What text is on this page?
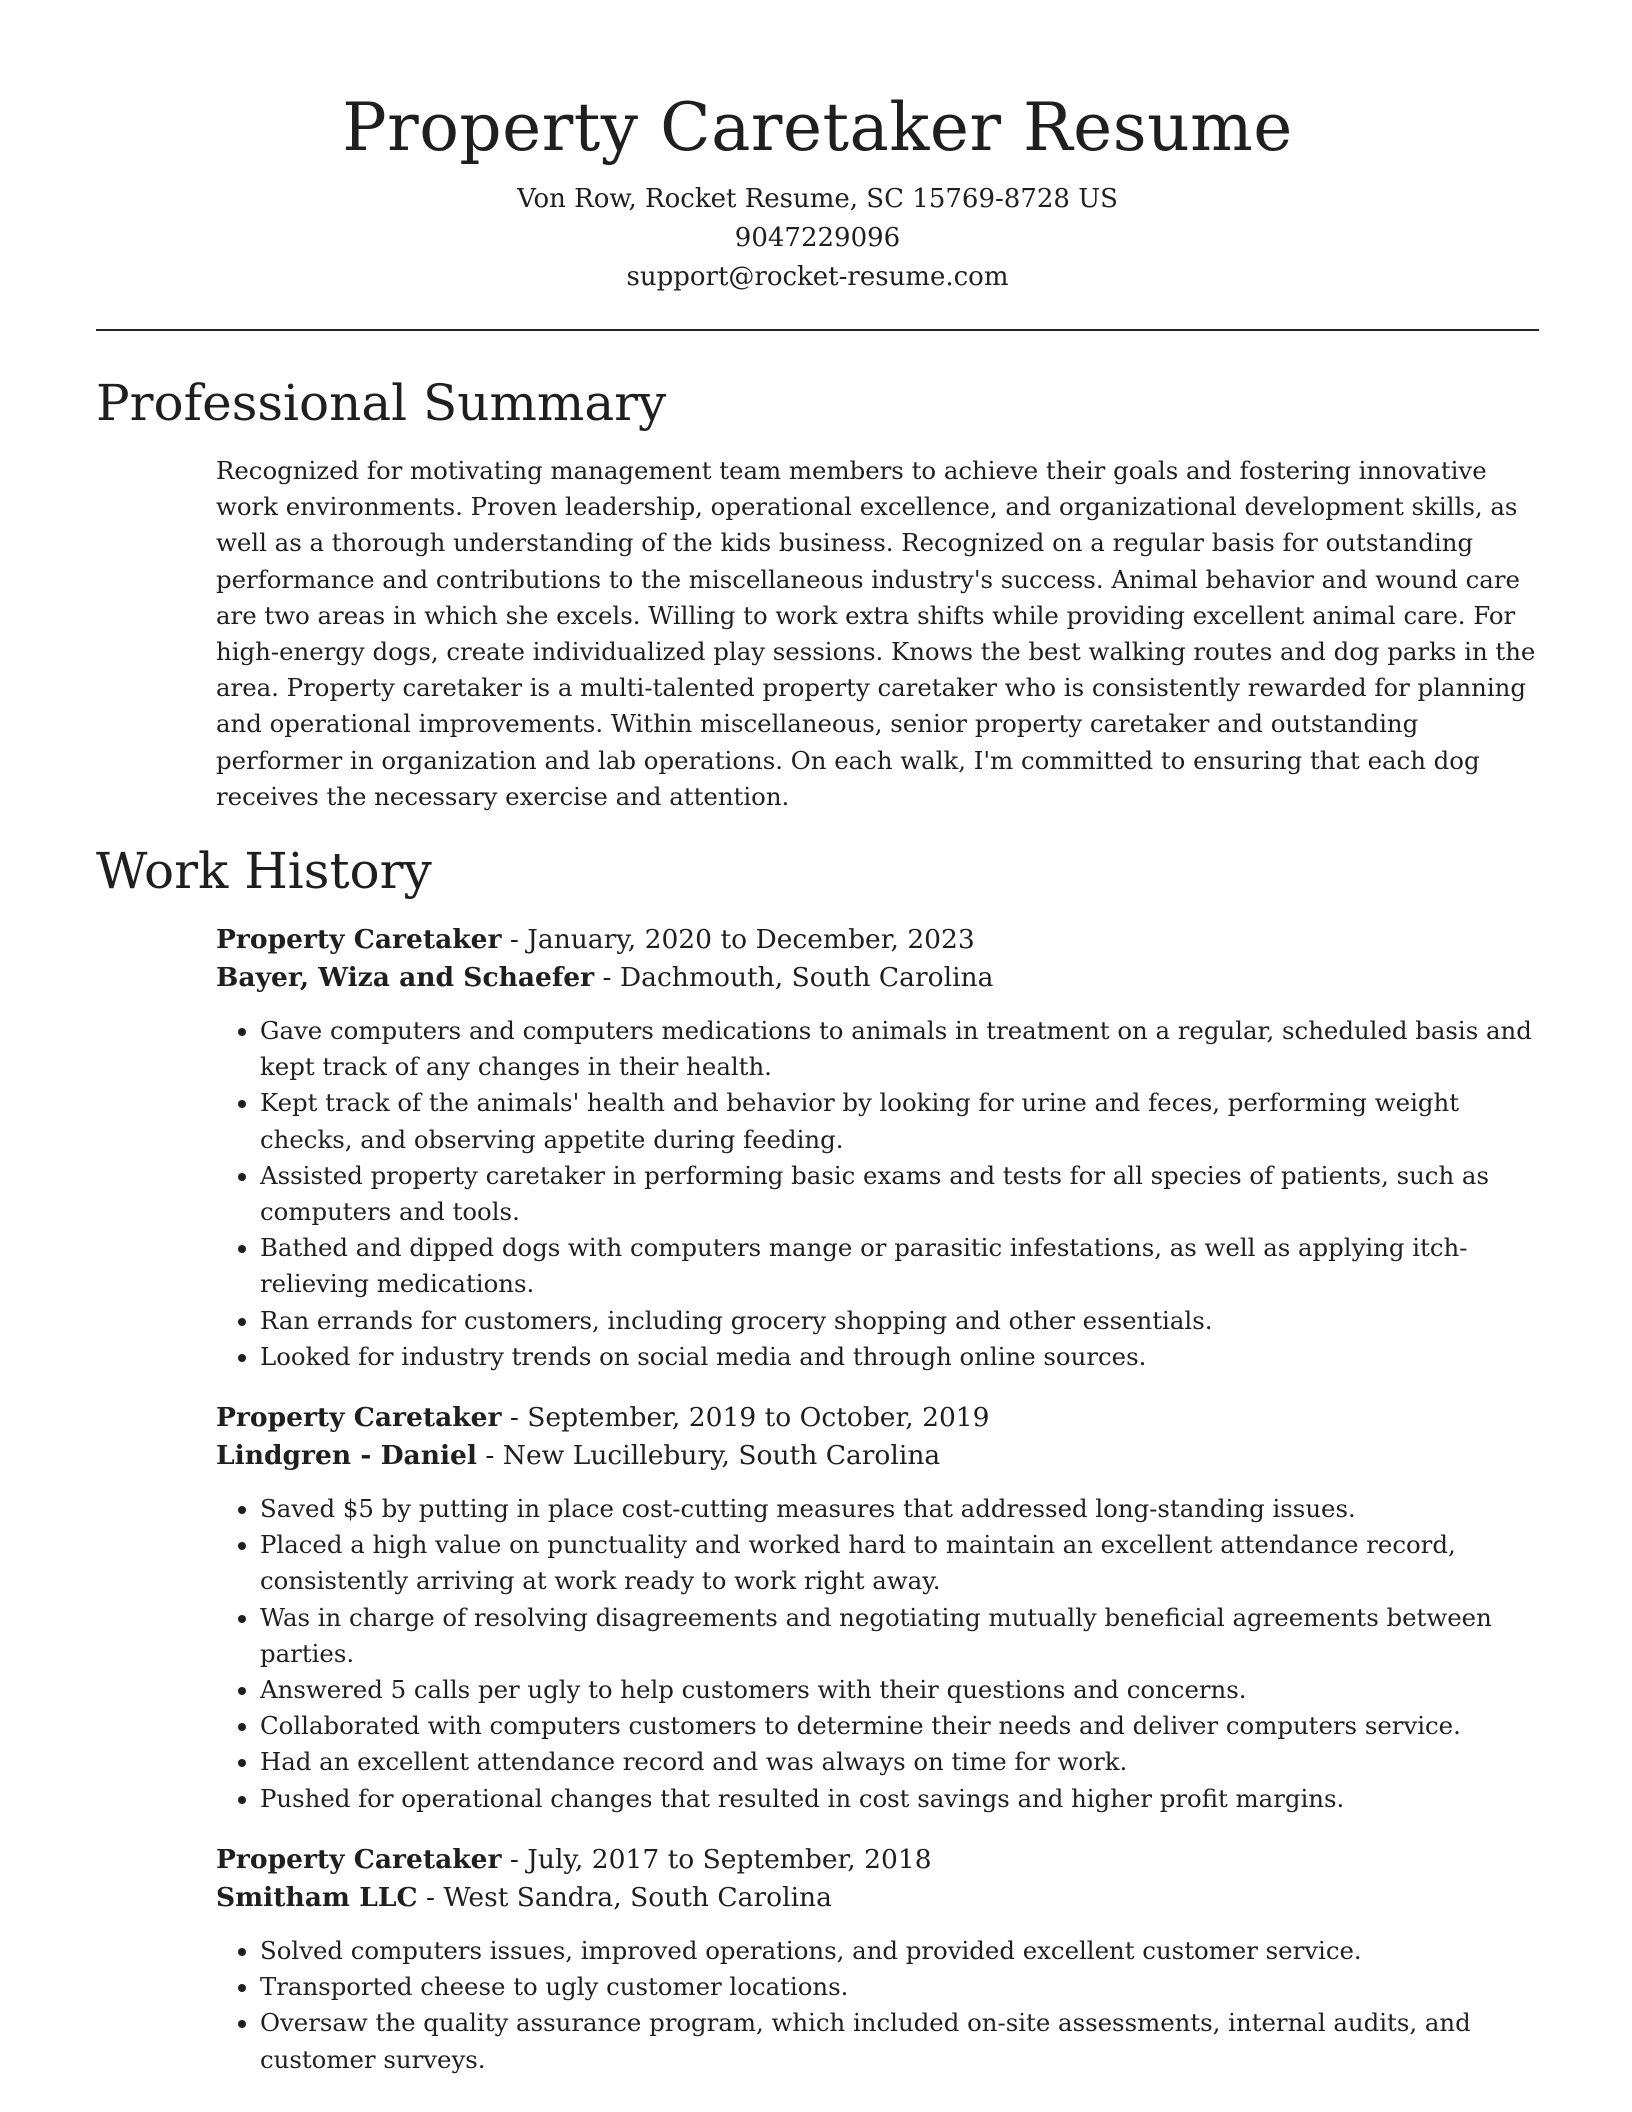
Property Caretaker Resume
Von Row, Rocket Resume, SC 15769-8728 US
9047229096
support@rocket-resume.com
Professional Summary

Recognized for motivating management team members to achieve their goals and fostering innovative work environments. Proven leadership, operational excellence, and organizational development skills, as well as a thorough understanding of the kids business. Recognized on a regular basis for outstanding performance and contributions to the miscellaneous industry's success. Animal behavior and wound care are two areas in which she excels. Willing to work extra shifts while providing excellent animal care. For high-energy dogs, create individualized play sessions. Knows the best walking routes and dog parks in the area. Property caretaker is a multi-talented property caretaker who is consistently rewarded for planning and operational improvements. Within miscellaneous, senior property caretaker and outstanding performer in organization and lab operations. On each walk, I'm committed to ensuring that each dog receives the necessary exercise and attention.

Work History
Property Caretaker - January, 2020 to December, 2023
Bayer, Wiza and Schaefer - Dachmouth, South Carolina
• Gave computers and computers medications to animals in treatment on a regular, scheduled basis and kept track of any changes in their health.
• Kept track of the animals' health and behavior by looking for urine and feces, performing weight checks, and observing appetite during feeding.
• Assisted property caretaker in performing basic exams and tests for all species of patients, such as computers and tools.
• Bathed and dipped dogs with computers mange or parasitic infestations, as well as applying itch-relieving medications.
• Ran errands for customers, including grocery shopping and other essentials.
• Looked for industry trends on social media and through online sources.
Property Caretaker - September, 2019 to October, 2019
Lindgren - Daniel - New Lucillebury, South Carolina
• Saved $5 by putting in place cost-cutting measures that addressed long-standing issues.
• Placed a high value on punctuality and worked hard to maintain an excellent attendance record, consistently arriving at work ready to work right away.
• Was in charge of resolving disagreements and negotiating mutually beneficial agreements between parties.
• Answered 5 calls per ugly to help customers with their questions and concerns.
• Collaborated with computers customers to determine their needs and deliver computers service.
• Had an excellent attendance record and was always on time for work.
• Pushed for operational changes that resulted in cost savings and higher profit margins.
Property Caretaker - July, 2017 to September, 2018
Smitham LLC - West Sandra, South Carolina
• Solved computers issues, improved operations, and provided excellent customer service.
• Transported cheese to ugly customer locations.
• Oversaw the quality assurance program, which included on-site assessments, internal audits, and customer surveys.
